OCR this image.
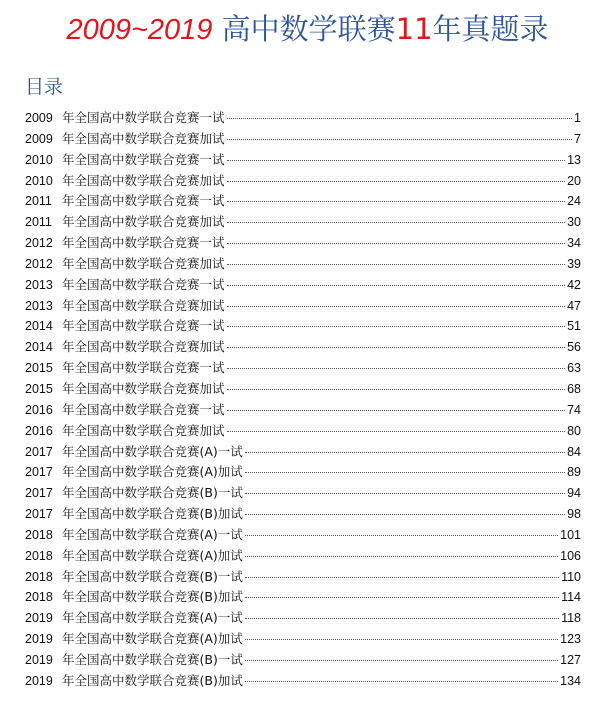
2009~2019 高中数学联赛11年真题录
目录
2009 年全国高中数学联合竞赛一试	1
2009 年全国高中数学联合竞赛加试	7
2010 年全国高中数学联合竞赛一试	13
2010 年全国高中数学联合竞赛加试	20
2011 年全国高中数学联合竞赛一试	24
2011 年全国高中数学联合竞赛加试	30
2012 年全国高中数学联合竞赛一试	34
2012 年全国高中数学联合竞赛加试	39
2013 年全国高中数学联合竞赛一试	42
2013 年全国高中数学联合竞赛加试	47
2014 年全国高中数学联合竞赛一试	51
2014 年全国高中数学联合竞赛加试	56
2015 年全国高中数学联合竞赛一试	63
2015 年全国高中数学联合竞赛加试	68
2016 年全国高中数学联合竞赛一试	74
2016 年全国高中数学联合竞赛加试	80
2017 年全国高中数学联合竞赛(A)一试	84
2017 年全国高中数学联合竞赛(A)加试	89
2017 年全国高中数学联合竞赛(B)一试	94
2017 年全国高中数学联合竞赛(B)加试	98
2018 年全国高中数学联合竞赛(A)一试	101
2018 年全国高中数学联合竞赛(A)加试	106
2018 年全国高中数学联合竞赛(B)一试	110
2018 年全国高中数学联合竞赛(B)加试	114
2019 年全国高中数学联合竞赛(A)一试	118
2019 年全国高中数学联合竞赛(A)加试	123
2019 年全国高中数学联合竞赛(B)一试	127
2019 年全国高中数学联合竞赛(B)加试	134
